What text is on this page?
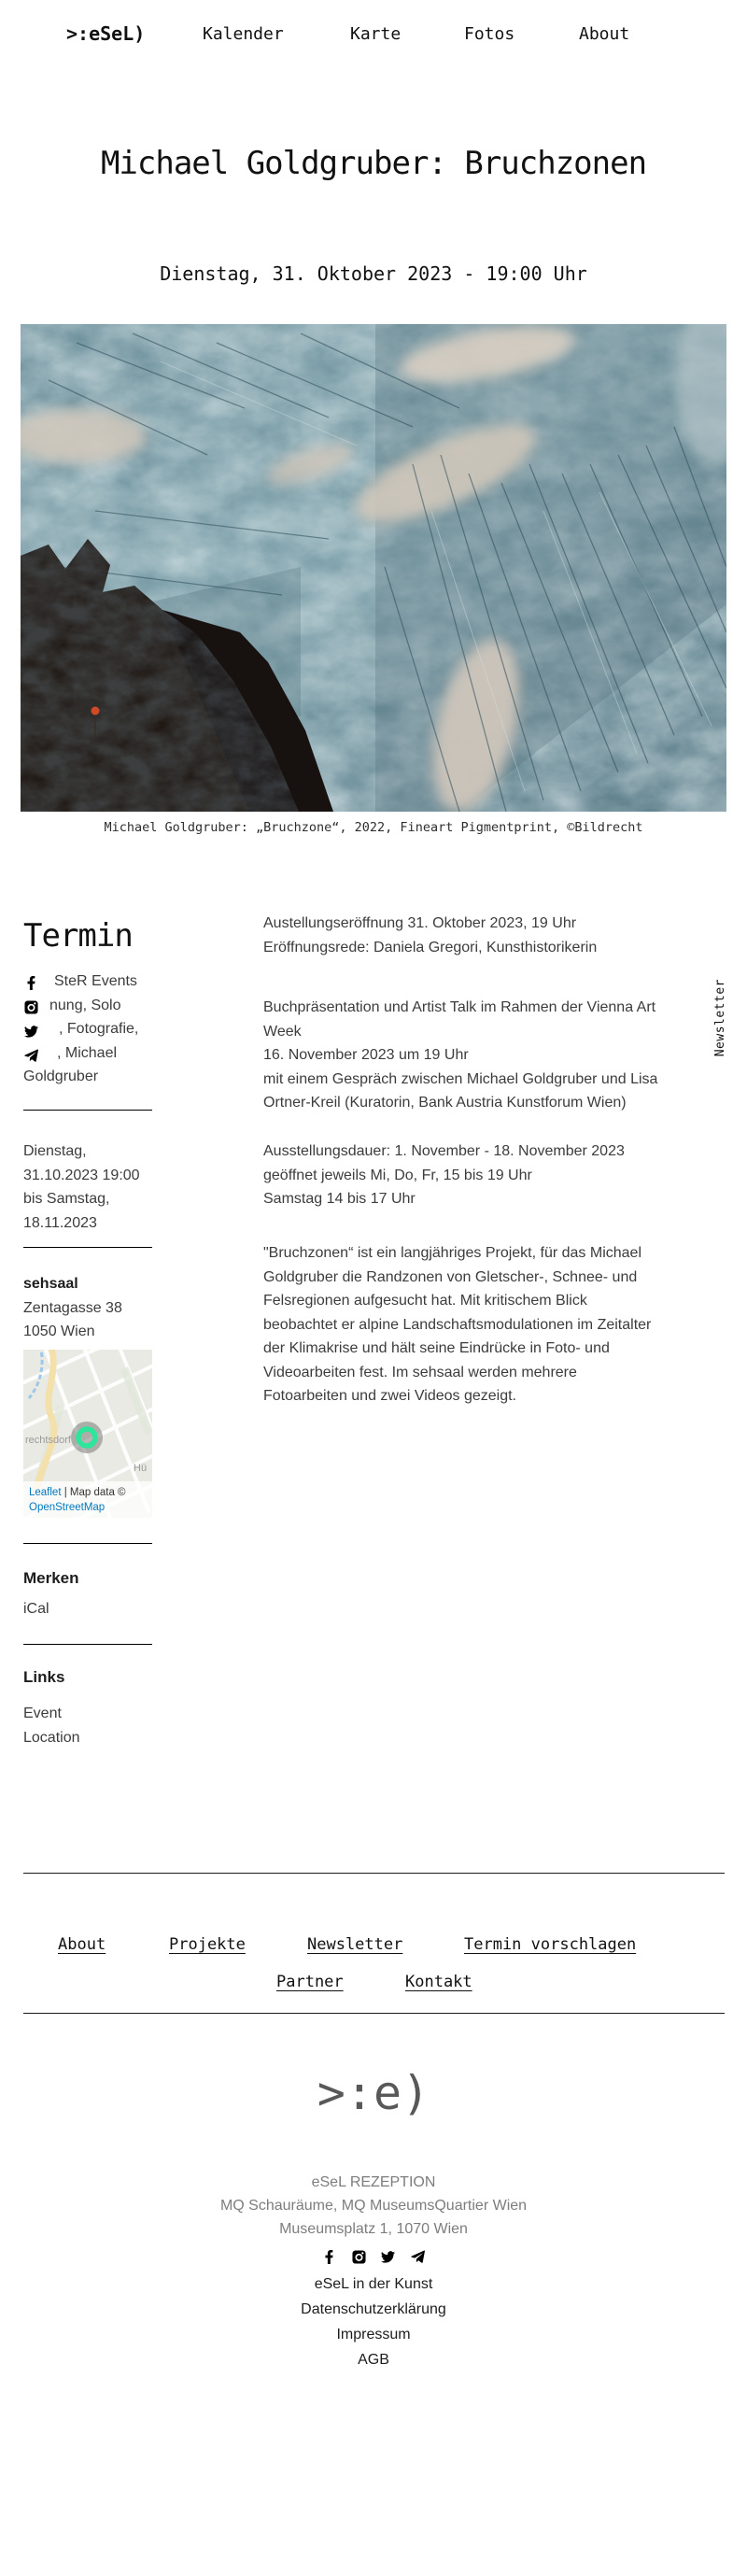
>:eSeL)	Kalender	Karte	Fotos	About
Michael Goldgruber: Bruchzonen
Dienstag, 31. Oktober 2023 - 19:00 Uhr
Michael Goldgruber: „Bruchzone“, 2022, Fineart Pigmentprint, ©Bildrecht
Newsletter
Termin
SteR Events
nung, Solo
, Fotografie,
, Michael
Goldgruber
Dienstag,
31.10.2023 19:00
bis Samstag,
18.11.2023
sehsaal
Zentagasse 38
1050 Wien
rechtsdorf
Hü
Leaflet | Map data ©
OpenStreetMap
Merken
iCal
Links
Event Location
Austellungseröffnung 31. Oktober 2023, 19 Uhr
Eröffnungsrede: Daniela Gregori, Kunsthistorikerin
Buchpräsentation und Artist Talk im Rahmen der Vienna Art
Week
16. November 2023 um 19 Uhr
mit einem Gespräch zwischen Michael Goldgruber und Lisa
Ortner-Kreil (Kuratorin, Bank Austria Kunstforum Wien)
Ausstellungsdauer: 1. November - 18. November 2023
geöffnet jeweils Mi, Do, Fr, 15 bis 19 Uhr
Samstag 14 bis 17 Uhr
"Bruchzonen“ ist ein langjähriges Projekt, für das Michael
Goldgruber die Randzonen von Gletscher-, Schnee- und
Felsregionen aufgesucht hat. Mit kritischem Blick
beobachtet er alpine Landschaftsmodulationen im Zeitalter
der Klimakrise und hält seine Eindrücke in Foto- und
Videoarbeiten fest. Im sehsaal werden mehrere
Fotoarbeiten und zwei Videos gezeigt.
About	Projekte	Newsletter	Termin vorschlagen
Partner	Kontakt
>:e)
eSeL REZEPTION
MQ Schauräume, MQ MuseumsQuartier Wien
Museumsplatz 1, 1070 Wien

eSeL in der Kunst
Datenschutzerklärung
Impressum
AGB
